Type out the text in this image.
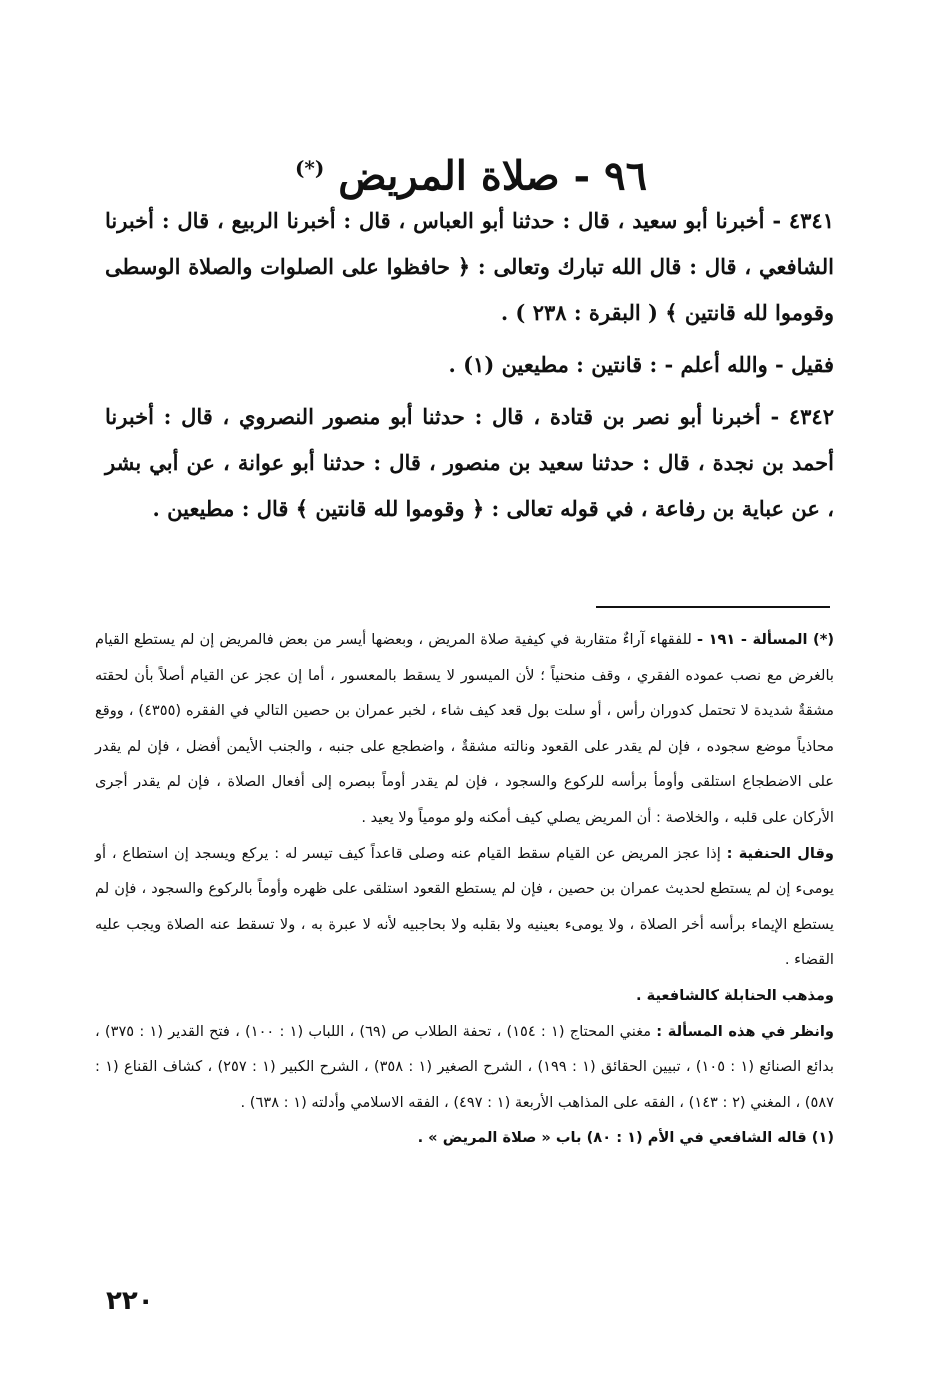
٩٦ - صلاة المريض (*)

٤٣٤١ - أخبرنا أبو سعيد ، قال : حدثنا أبو العباس ، قال : أخبرنا الربيع ، قال : أخبرنا الشافعي ، قال : قال الله تبارك وتعالى : ﴿ حافظوا على الصلوات والصلاة الوسطى وقوموا لله قانتين ﴾ ( البقرة : ٢٣٨ ) .

فقيل - والله أعلم - : قانتين : مطيعين (١) .

٤٣٤٢ - أخبرنا أبو نصر بن قتادة ، قال : حدثنا أبو منصور النصروي ، قال : أخبرنا أحمد بن نجدة ، قال : حدثنا سعيد بن منصور ، قال : حدثنا أبو عوانة ، عن أبي بشر ، عن عباية بن رفاعة ، في قوله تعالى : ﴿ وقوموا لله قانتين ﴾ قال : مطيعين .

(*) المسألة - ١٩١ - للفقهاء آراءٌ متقاربة في كيفية صلاة المريض ، وبعضها أيسر من بعض فالمريض إن لم يستطع القيام بالغرض مع نصب عموده الفقري ، وقف منحنياً ؛ لأن الميسور لا يسقط بالمعسور ، أما إن عجز عن القيام أصلاً بأن لحقته مشقةٌ شديدة لا تحتمل كدوران رأس ، أو سلت بول قعد كيف شاء ، لخبر عمران بن حصين التالي في الفقره (٤٣٥٥) ، ووقع محاذياً موضع سجوده ، فإن لم يقدر على القعود ونالته مشقةٌ ، واضطجع على جنبه ، والجنب الأيمن أفضل ، فإن لم يقدر على الاضطجاع استلقى وأومأ برأسه للركوع والسجود ، فإن لم يقدر أوماً ببصره إلى أفعال الصلاة ، فإن لم يقدر أجرى الأركان على قلبه ، والخلاصة : أن المريض يصلي كيف أمكنه ولو مومياً ولا يعيد .

وقال الحنفية : إذا عجز المريض عن القيام سقط القيام عنه وصلى قاعداً كيف تيسر له : يركع ويسجد إن استطاع ، أو يومىء إن لم يستطع لحديث عمران بن حصين ، فإن لم يستطع القعود استلقى على ظهره وأوماً بالركوع والسجود ، فإن لم يستطع الإيماء برأسه أخر الصلاة ، ولا يومىء بعينيه ولا بقلبه ولا بحاجبيه لأنه لا عبرة به ، ولا تسقط عنه الصلاة ويجب عليه القضاء .

ومذهب الحنابلة كالشافعية .

وانظر في هذه المسألة : مغني المحتاج (١ : ١٥٤) ، تحفة الطلاب ص (٦٩) ، اللباب (١ : ١٠٠) ، فتح القدير (١ : ٣٧٥) ، بدائع الصنائع (١ : ١٠٥) ، تبيين الحقائق (١ : ١٩٩) ، الشرح الصغير (١ : ٣٥٨) ، الشرح الكبير (١ : ٢٥٧) ، كشاف القناع (١ : ٥٨٧) ، المغني (٢ : ١٤٣) ، الفقه على المذاهب الأربعة (١ : ٤٩٧) ، الفقه الاسلامي وأدلته (١ : ٦٣٨) .

(١) قاله الشافعي في الأم (١ : ٨٠) باب « صلاة المريض » .

٢٢٠
